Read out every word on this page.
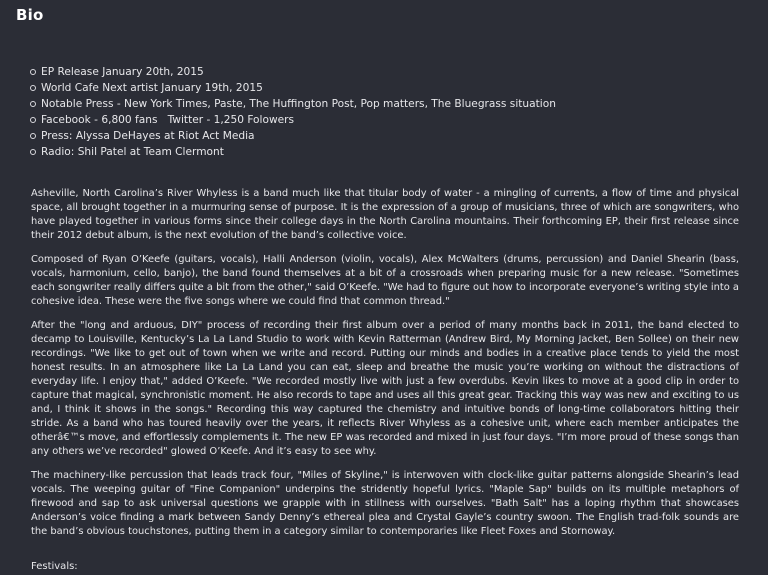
Bio
EP Release January 20th, 2015
World Cafe Next artist January 19th, 2015
Notable Press - New York Times, Paste, The Huffington Post, Pop matters, The Bluegrass situation
Facebook - 6,800 fans   Twitter - 1,250 Folowers
Press: Alyssa DeHayes at Riot Act Media
Radio: Shil Patel at Team Clermont

Asheville, North Carolina’s River Whyless is a band much like that titular body of water - a mingling of currents, a flow of time and physical space, all brought together in a murmuring sense of purpose. It is the expression of a group of musicians, three of which are songwriters, who have played together in various forms since their college days in the North Carolina mountains. Their forthcoming EP, their first release since their 2012 debut album, is the next evolution of the band’s collective voice.

Composed of Ryan O’Keefe (guitars, vocals), Halli Anderson (violin, vocals), Alex McWalters (drums, percussion) and Daniel Shearin (bass, vocals, harmonium, cello, banjo), the band found themselves at a bit of a crossroads when preparing music for a new release. "Sometimes each songwriter really differs quite a bit from the other," said O’Keefe. "We had to figure out how to incorporate everyone’s writing style into a cohesive idea. These were the five songs where we could find that common thread."

After the "long and arduous, DIY" process of recording their first album over a period of many months back in 2011, the band elected to decamp to Louisville, Kentucky’s La La Land Studio to work with Kevin Ratterman (Andrew Bird, My Morning Jacket, Ben Sollee) on their new recordings. "We like to get out of town when we write and record. Putting our minds and bodies in a creative place tends to yield the most honest results. In an atmosphere like La La Land you can eat, sleep and breathe the music you’re working on without the distractions of everyday life. I enjoy that," added O’Keefe. "We recorded mostly live with just a few overdubs. Kevin likes to move at a good clip in order to capture that magical, synchronistic moment. He also records to tape and uses all this great gear. Tracking this way was new and exciting to us and, I think it shows in the songs." Recording this way captured the chemistry and intuitive bonds of long-time collaborators hitting their stride. As a band who has toured heavily over the years, it reflects River Whyless as a cohesive unit, where each member anticipates the otherâ€™s move, and effortlessly complements it. The new EP was recorded and mixed in just four days. "I’m more proud of these songs than any others we’ve recorded" glowed O’Keefe. And it’s easy to see why.

The machinery-like percussion that leads track four, "Miles of Skyline," is interwoven with clock-like guitar patterns alongside Shearin’s lead vocals. The weeping guitar of "Fine Companion" underpins the stridently hopeful lyrics. "Maple Sap" builds on its multiple metaphors of firewood and sap to ask universal questions we grapple with in stillness with ourselves. "Bath Salt" has a loping rhythm that showcases Anderson’s voice finding a mark between Sandy Denny’s ethereal plea and Crystal Gayle’s country swoon. The English trad-folk sounds are the band’s obvious touchstones, putting them in a category similar to contemporaries like Fleet Foxes and Stornoway.

Festivals:
